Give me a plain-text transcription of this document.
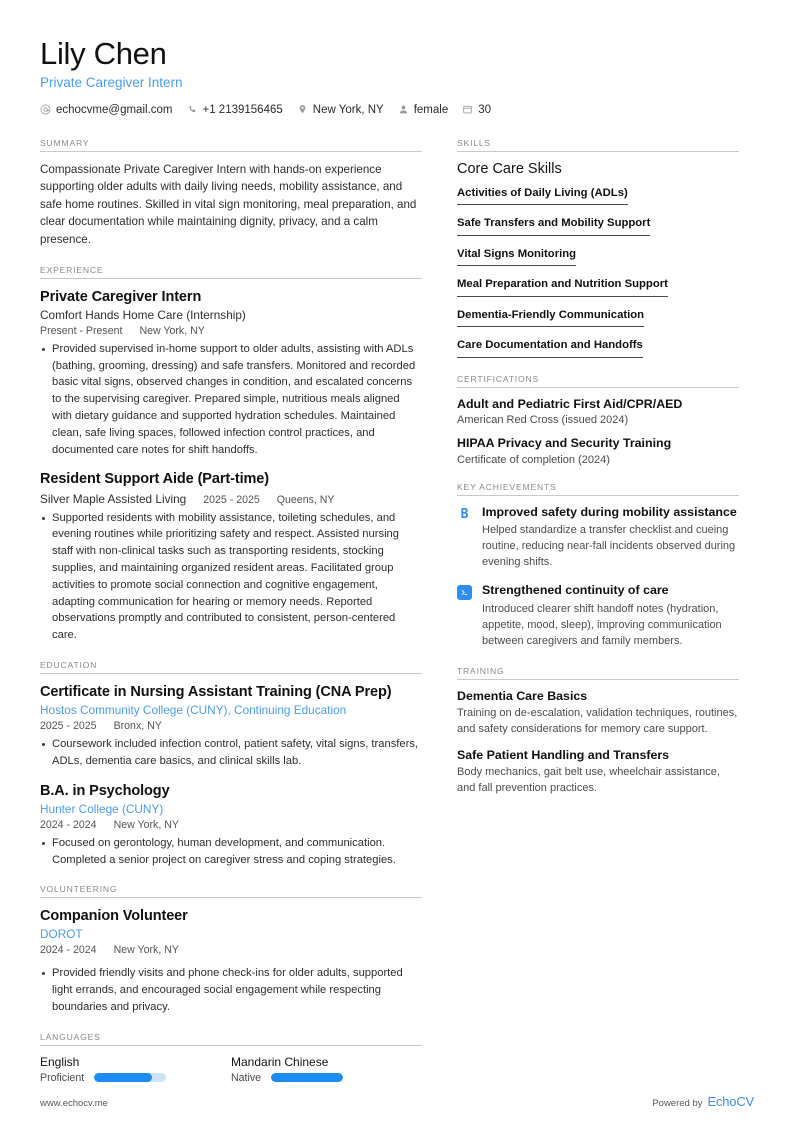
Lily Chen
Private Caregiver Intern
echocvme@gmail.com	+1 2139156465	New York, NY	female	30
SUMMARY
Compassionate Private Caregiver Intern with hands-on experience supporting older adults with daily living needs, mobility assistance, and safe home routines. Skilled in vital sign monitoring, meal preparation, and clear documentation while maintaining dignity, privacy, and a calm presence.
EXPERIENCE
Private Caregiver Intern
Comfort Hands Home Care (Internship)
Present - Present New York, NY
Provided supervised in-home support to older adults, assisting with ADLs (bathing, grooming, dressing) and safe transfers. Monitored and recorded basic vital signs, observed changes in condition, and escalated concerns to the supervising caregiver. Prepared simple, nutritious meals aligned with dietary guidance and supported hydration schedules. Maintained clean, safe living spaces, followed infection control practices, and documented care notes for shift handoffs.
Resident Support Aide (Part-time)
Silver Maple Assisted Living 2025 - 2025 Queens, NY
Supported residents with mobility assistance, toileting schedules, and evening routines while prioritizing safety and respect. Assisted nursing staff with non-clinical tasks such as transporting residents, stocking supplies, and maintaining organized resident areas. Facilitated group activities to promote social connection and cognitive engagement, adapting communication for hearing or memory needs. Reported observations promptly and contributed to consistent, person-centered care.
EDUCATION
Certificate in Nursing Assistant Training (CNA Prep)
Hostos Community College (CUNY), Continuing Education
2025 - 2025 Bronx, NY
Coursework included infection control, patient safety, vital signs, transfers, ADLs, dementia care basics, and clinical skills lab.
B.A. in Psychology
Hunter College (CUNY)
2024 - 2024 New York, NY
Focused on gerontology, human development, and communication. Completed a senior project on caregiver stress and coping strategies.
VOLUNTEERING
Companion Volunteer
DOROT
2024 - 2024 New York, NY
Provided friendly visits and phone check-ins for older adults, supported light errands, and encouraged social engagement while respecting boundaries and privacy.
LANGUAGES
English
Proficient
Mandarin Chinese
Native
SKILLS
Core Care Skills
Activities of Daily Living (ADLs)
Safe Transfers and Mobility Support
Vital Signs Monitoring
Meal Preparation and Nutrition Support
Dementia-Friendly Communication
Care Documentation and Handoffs
CERTIFICATIONS
Adult and Pediatric First Aid/CPR/AED
American Red Cross (issued 2024)
HIPAA Privacy and Security Training
Certificate of completion (2024)
KEY ACHIEVEMENTS
B Improved safety during mobility assistance
Helped standardize a transfer checklist and cueing routine, reducing near-fall incidents observed during evening shifts.
Strengthened continuity of care
Introduced clearer shift handoff notes (hydration, appetite, mood, sleep), improving communication between caregivers and family members.
TRAINING
Dementia Care Basics
Training on de-escalation, validation techniques, routines, and safety considerations for memory care support.
Safe Patient Handling and Transfers
Body mechanics, gait belt use, wheelchair assistance, and fall prevention practices.
www.echocv.me	Powered by EchoCV
